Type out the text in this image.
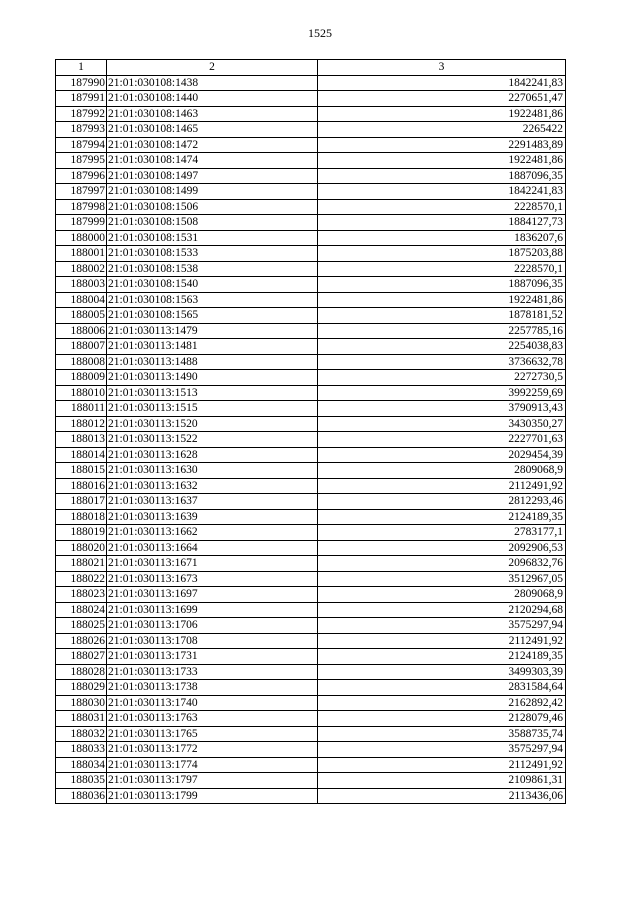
1525
1	2	3
187990	21:01:030108:1438	1842241,83
187991	21:01:030108:1440	2270651,47
187992	21:01:030108:1463	1922481,86
187993	21:01:030108:1465	2265422
187994	21:01:030108:1472	2291483,89
187995	21:01:030108:1474	1922481,86
187996	21:01:030108:1497	1887096,35
187997	21:01:030108:1499	1842241,83
187998	21:01:030108:1506	2228570,1
187999	21:01:030108:1508	1884127,73
188000	21:01:030108:1531	1836207,6
188001	21:01:030108:1533	1875203,88
188002	21:01:030108:1538	2228570,1
188003	21:01:030108:1540	1887096,35
188004	21:01:030108:1563	1922481,86
188005	21:01:030108:1565	1878181,52
188006	21:01:030113:1479	2257785,16
188007	21:01:030113:1481	2254038,83
188008	21:01:030113:1488	3736632,78
188009	21:01:030113:1490	2272730,5
188010	21:01:030113:1513	3992259,69
188011	21:01:030113:1515	3790913,43
188012	21:01:030113:1520	3430350,27
188013	21:01:030113:1522	2227701,63
188014	21:01:030113:1628	2029454,39
188015	21:01:030113:1630	2809068,9
188016	21:01:030113:1632	2112491,92
188017	21:01:030113:1637	2812293,46
188018	21:01:030113:1639	2124189,35
188019	21:01:030113:1662	2783177,1
188020	21:01:030113:1664	2092906,53
188021	21:01:030113:1671	2096832,76
188022	21:01:030113:1673	3512967,05
188023	21:01:030113:1697	2809068,9
188024	21:01:030113:1699	2120294,68
188025	21:01:030113:1706	3575297,94
188026	21:01:030113:1708	2112491,92
188027	21:01:030113:1731	2124189,35
188028	21:01:030113:1733	3499303,39
188029	21:01:030113:1738	2831584,64
188030	21:01:030113:1740	2162892,42
188031	21:01:030113:1763	2128079,46
188032	21:01:030113:1765	3588735,74
188033	21:01:030113:1772	3575297,94
188034	21:01:030113:1774	2112491,92
188035	21:01:030113:1797	2109861,31
188036	21:01:030113:1799	2113436,06
